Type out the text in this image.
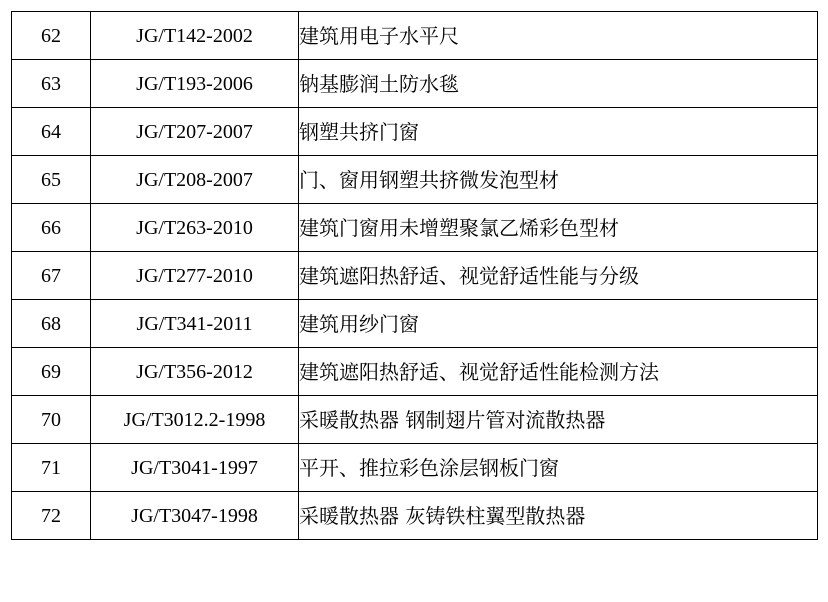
62	JG/T142-2002	建筑用电子水平尺

63	JG/T193-2006	钠基膨润土防水毯

64	JG/T207-2007	钢塑共挤门窗

65	JG/T208-2007	门、窗用钢塑共挤微发泡型材

66	JG/T263-2010	建筑门窗用未增塑聚氯乙烯彩色型材

67	JG/T277-2010	建筑遮阳热舒适、视觉舒适性能与分级

68	JG/T341-2011	建筑用纱门窗

69	JG/T356-2012	建筑遮阳热舒适、视觉舒适性能检测方法

70	JG/T3012.2-1998	采暖散热器 钢制翅片管对流散热器

71	JG/T3041-1997	平开、推拉彩色涂层钢板门窗

72	JG/T3047-1998	采暖散热器 灰铸铁柱翼型散热器
